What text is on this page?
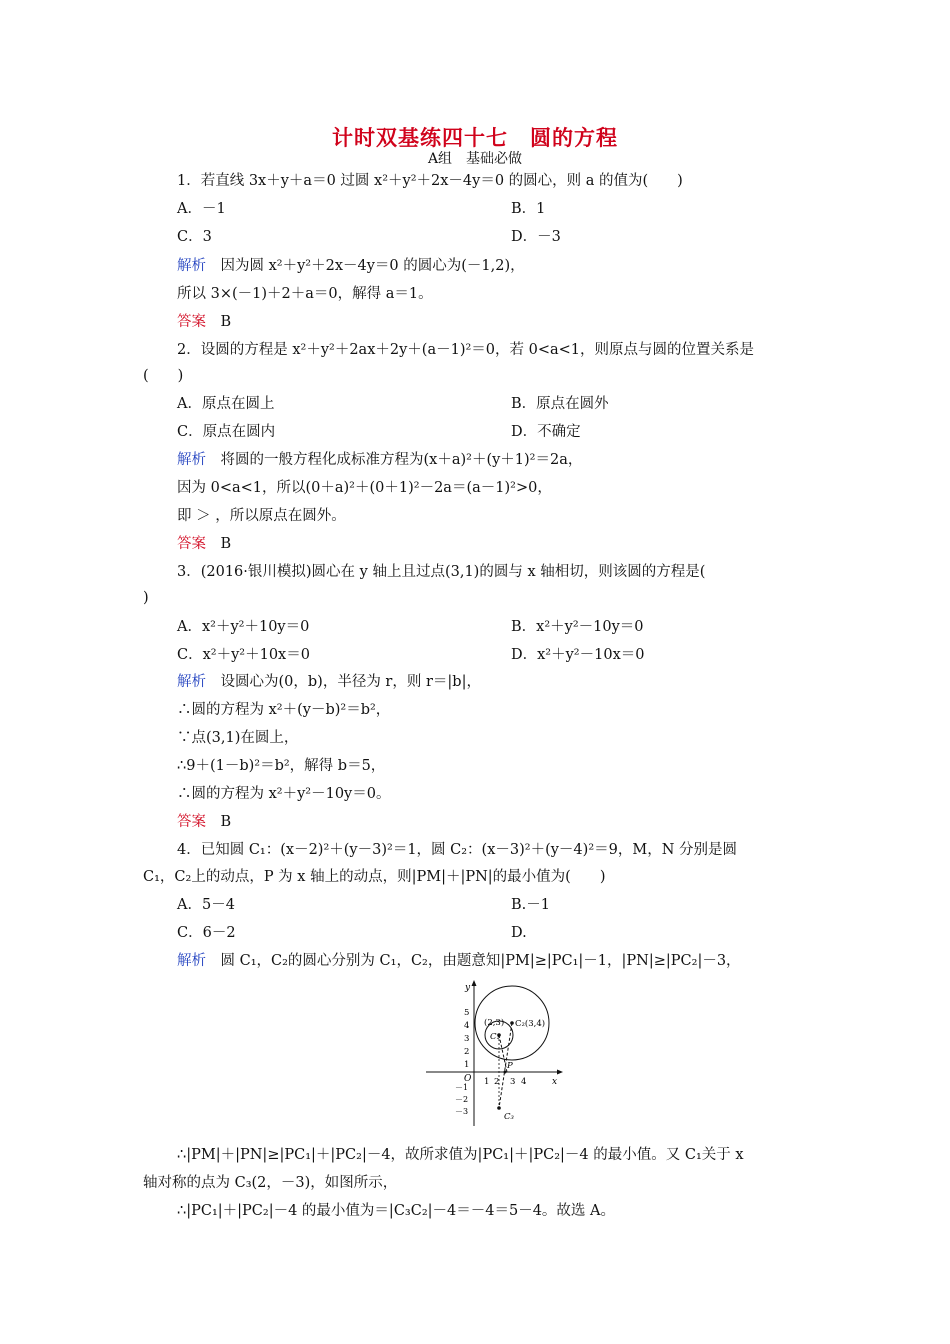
计时双基练四十七　圆的方程
A组　基础必做
1．若直线 3x＋y＋a＝0 过圆 x²＋y²＋2x－4y＝0 的圆心，则 a 的值为(　　)
A．－1	B．1
C．3	D．－3
解析　因为圆 x²＋y²＋2x－4y＝0 的圆心为(－1,2)，
所以 3×(－1)＋2＋a＝0，解得 a＝1。
答案　B
2．设圆的方程是 x²＋y²＋2ax＋2y＋(a－1)²＝0，若 0<a<1，则原点与圆的位置关系是
(　　)
A．原点在圆上	B．原点在圆外
C．原点在圆内	D．不确定
解析　将圆的一般方程化成标准方程为(x＋a)²＋(y＋1)²＝2a，
因为 0<a<1，所以(0＋a)²＋(0＋1)²－2a＝(a－1)²>0，
即 ＞ ，所以原点在圆外。
答案　B
3．(2016·银川模拟)圆心在 y 轴上且过点(3,1)的圆与 x 轴相切，则该圆的方程是(
)
A．x²＋y²＋10y＝0	B．x²＋y²－10y＝0
C．x²＋y²＋10x＝0	D．x²＋y²－10x＝0
解析　设圆心为(0，b)，半径为 r，则 r＝|b|，
∴圆的方程为 x²＋(y－b)²＝b²，
∵点(3,1)在圆上，
∴9＋(1－b)²＝b²，解得 b＝5，
∴圆的方程为 x²＋y²－10y＝0。
答案　B
4．已知圆 C₁：(x－2)²＋(y－3)²＝1，圆 C₂：(x－3)²＋(y－4)²＝9，M，N 分别是圆
C₁，C₂上的动点，P 为 x 轴上的动点，则|PM|＋|PN|的最小值为(　　)
A．5－4	B.－1
C．6－2	D.
解析　圆 C₁，C₂的圆心分别为 C₁，C₂，由题意知|PM|≥|PC₁|－1，|PN|≥|PC₂|－3，
y
x
O
(2,3)
C₁
C₂(3,4)
P
C₃
1 2 3 4
1
2
3
4
5
－1
－2
－3
∴|PM|＋|PN|≥|PC₁|＋|PC₂|－4，故所求值为|PC₁|＋|PC₂|－4 的最小值。又 C₁关于 x
轴对称的点为 C₃(2，－3)，如图所示，
∴|PC₁|＋|PC₂|－4 的最小值为＝|C₃C₂|－4＝－4＝5－4。故选 A。
